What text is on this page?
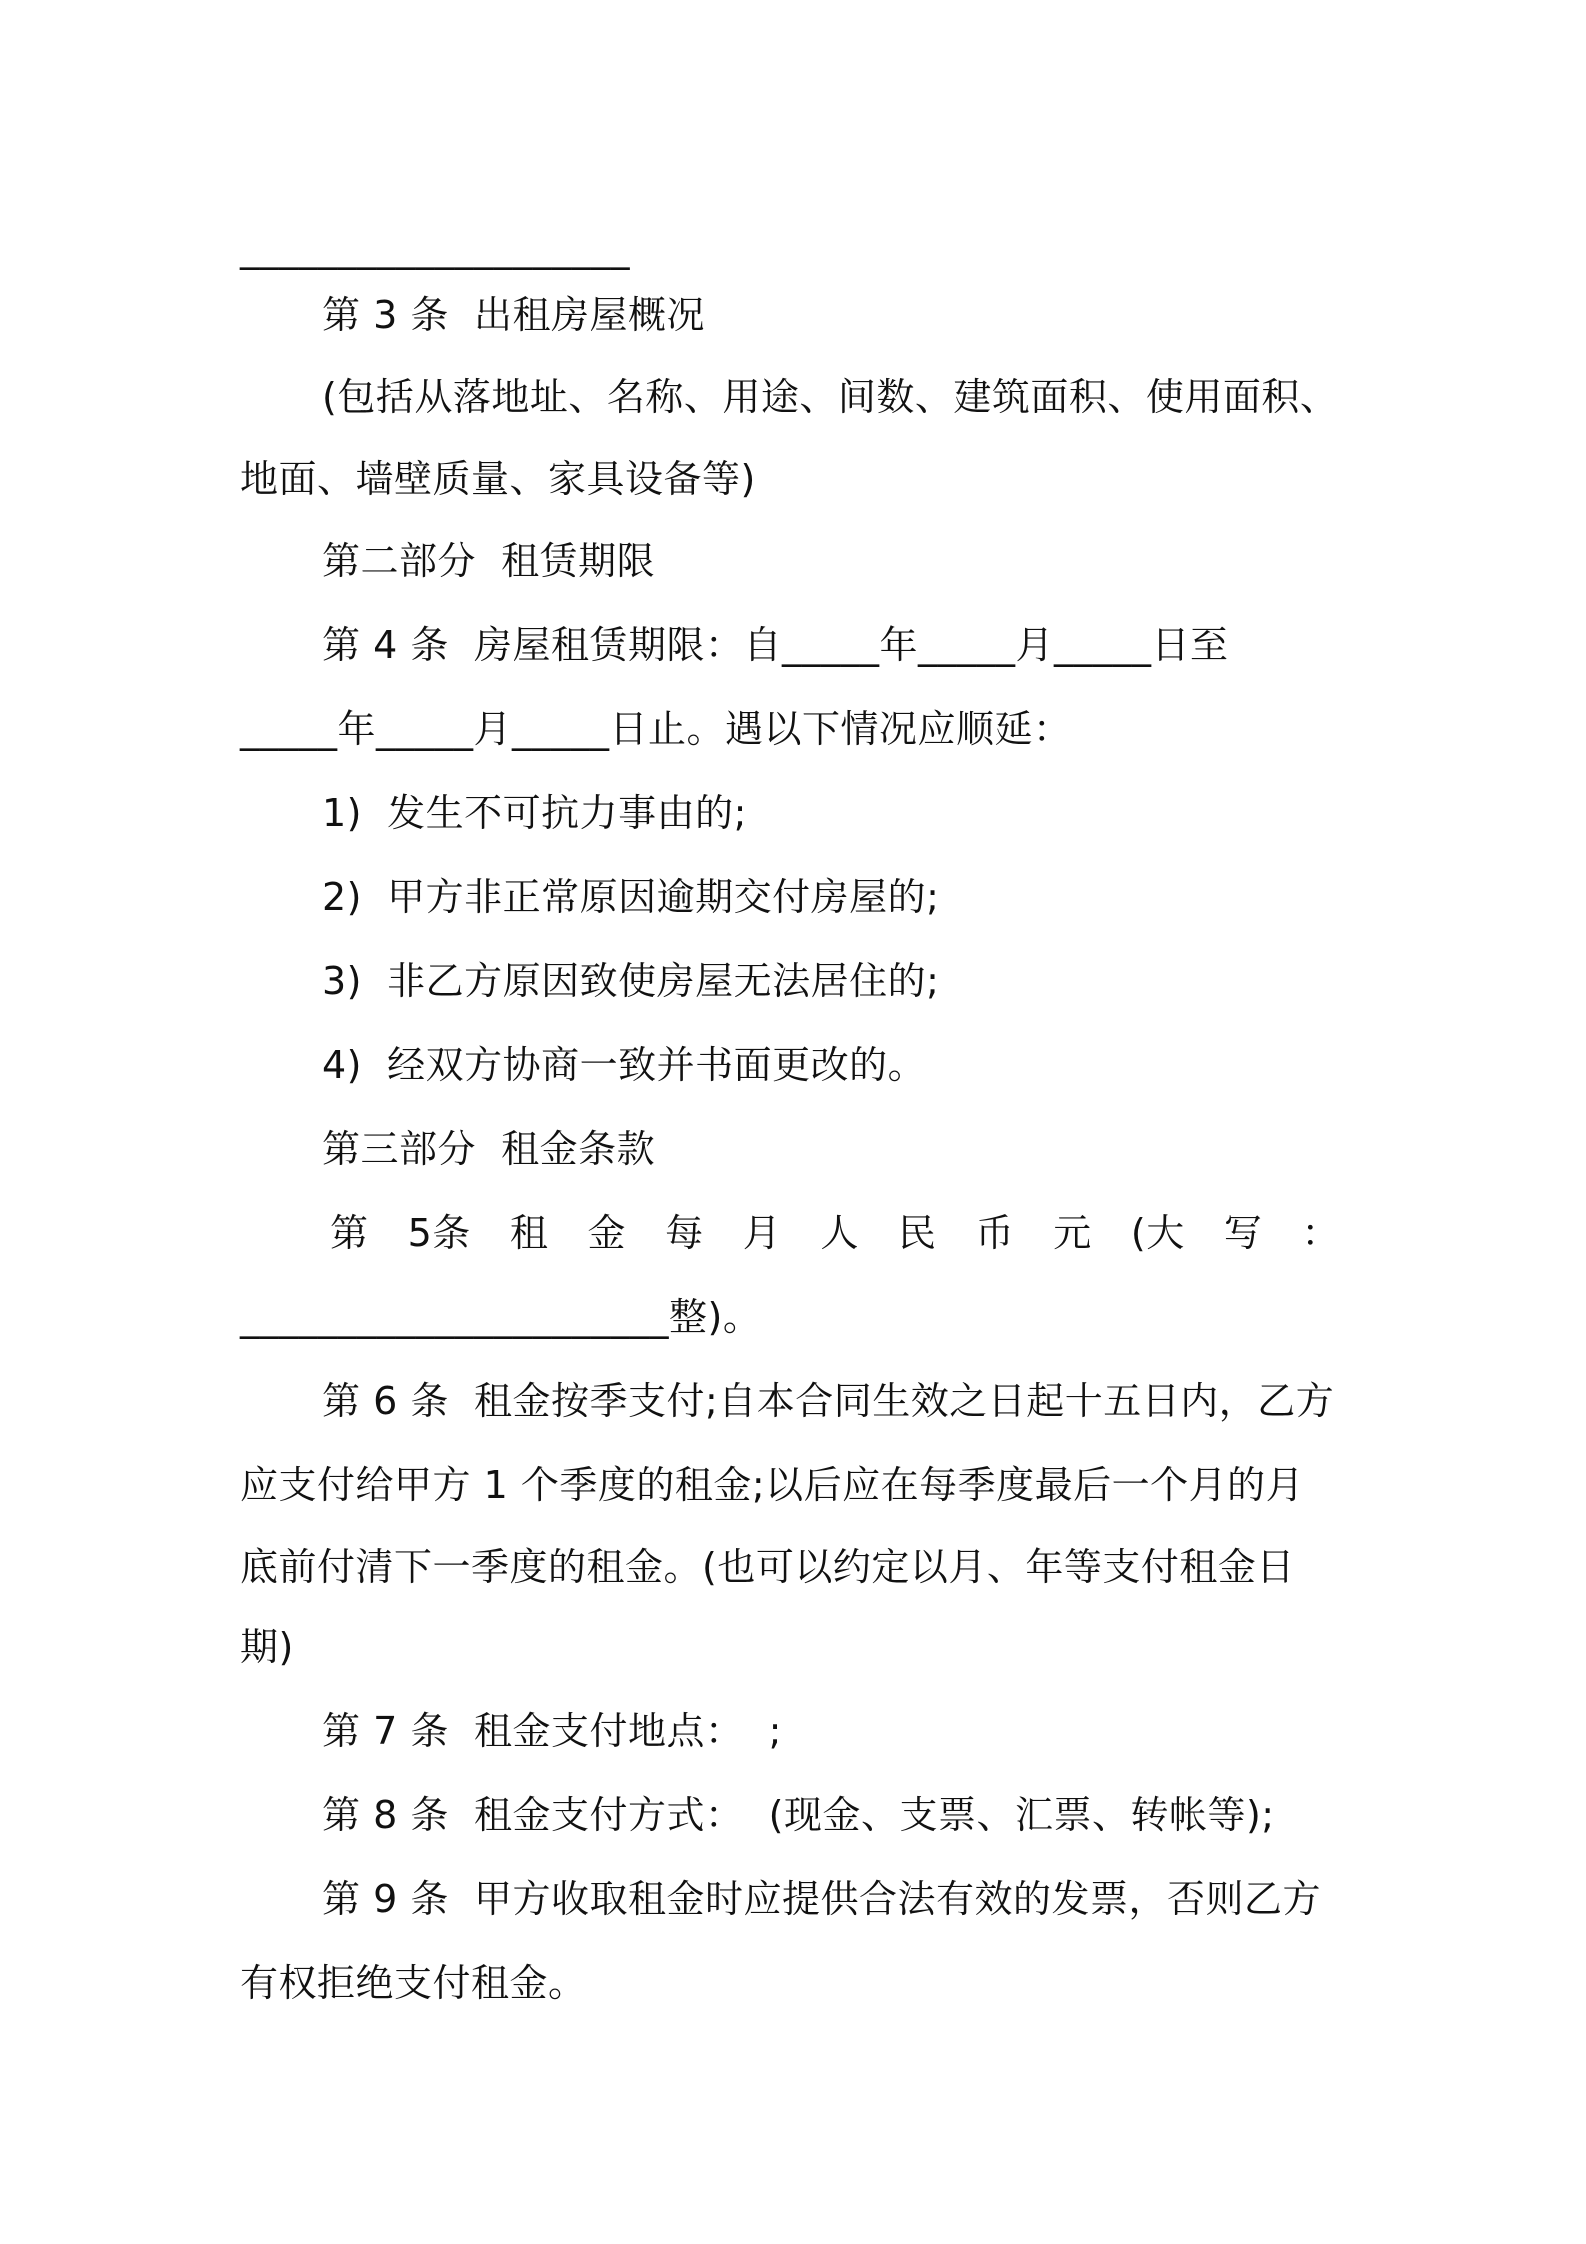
____________________
第 3 条  出租房屋概况
(包括从落地址、名称、用途、间数、建筑面积、使用面积、
地面、墙壁质量、家具设备等)
第二部分  租赁期限
第 4 条  房屋租赁期限：自_____年_____月_____日至
_____年_____月_____日止。遇以下情况应顺延：
1)  发生不可抗力事由的;
2)  甲方非正常原因逾期交付房屋的;
3)  非乙方原因致使房屋无法居住的;
4)  经双方协商一致并书面更改的。
第三部分  租金条款
第 5条 租 金 每 月 人 民 币 元 (大 写 ：
______________________整)。
第 6 条  租金按季支付;自本合同生效之日起十五日内，乙方
应支付给甲方 1 个季度的租金;以后应在每季度最后一个月的月
底前付清下一季度的租金。(也可以约定以月、年等支付租金日
期)
第 7 条  租金支付地点：  ;
第 8 条  租金支付方式：  (现金、支票、汇票、转帐等);
第 9 条  甲方收取租金时应提供合法有效的发票，否则乙方
有权拒绝支付租金。
